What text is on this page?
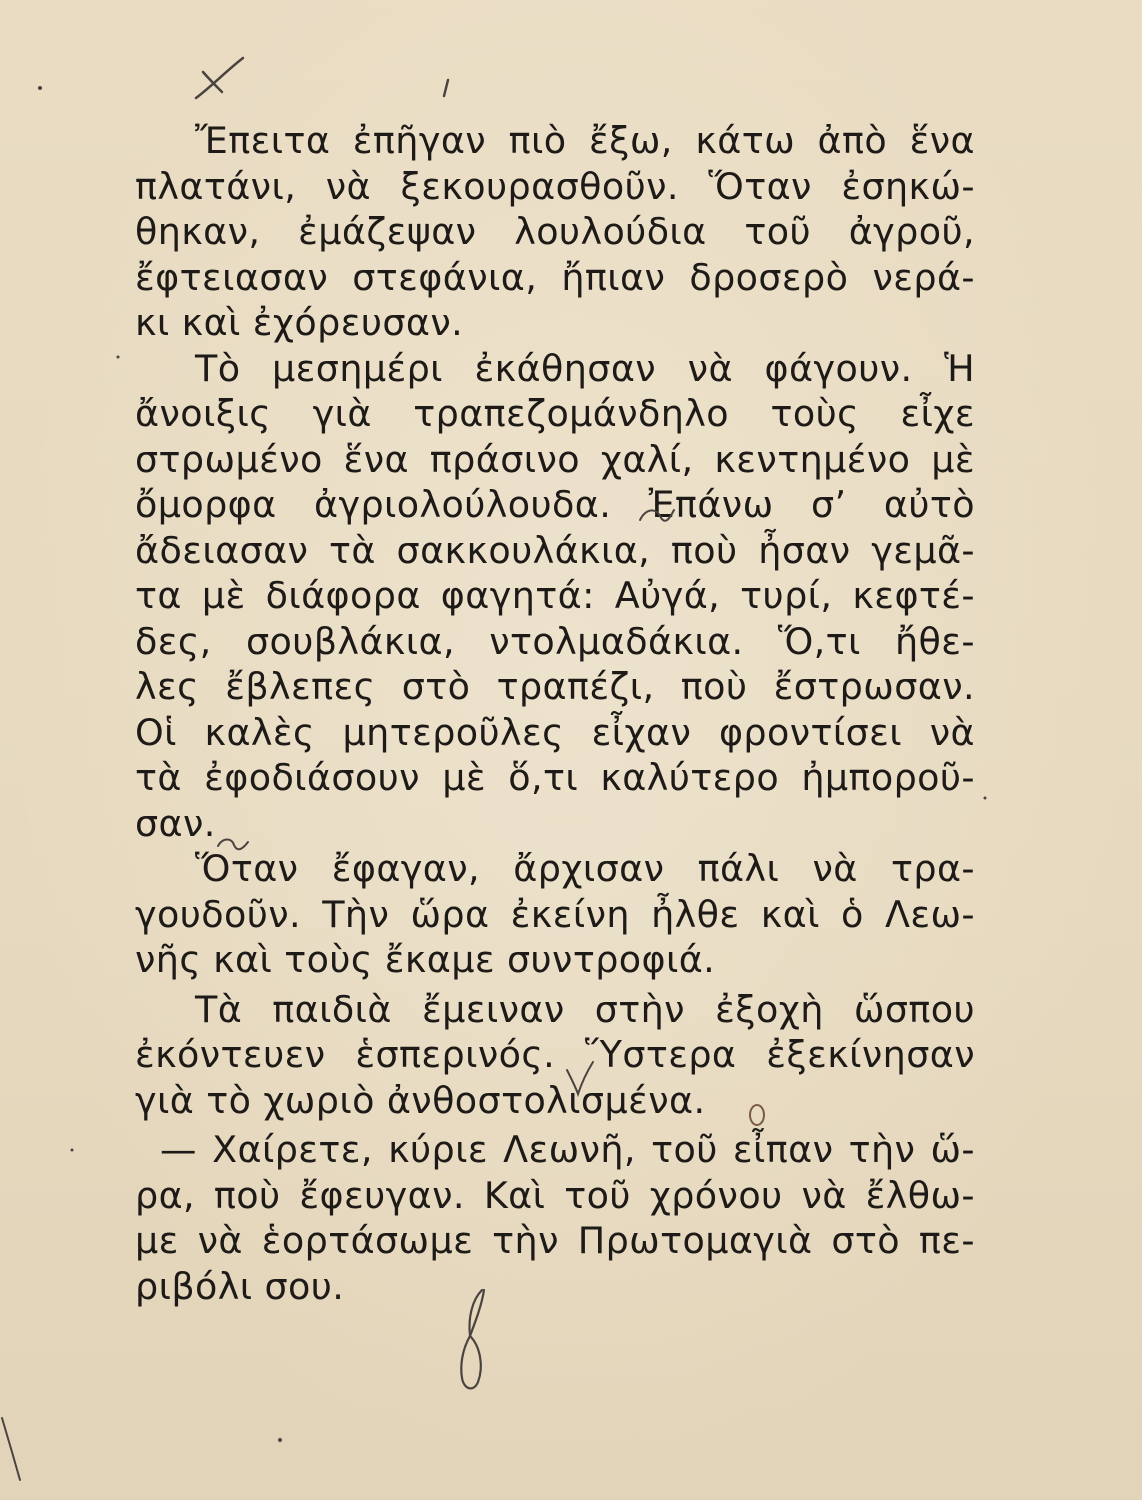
Ἔπειτα ἐπῆγαν πιὸ ἔξω, κάτω ἀπὸ ἕνα
πλατάνι, νὰ ξεκουρασθοῦν. Ὅταν ἐσηκώ-
θηκαν, ἐμάζεψαν λουλούδια τοῦ ἀγροῦ,
ἔφτειασαν στεφάνια, ἤπιαν δροσερὸ νερά-
κι καὶ ἐχόρευσαν.
Τὸ μεσημέρι ἐκάθησαν νὰ φάγουν. Ἡ
ἄνοιξις γιὰ τραπεζομάνδηλο τοὺς εἶχε
στρωμένο ἕνα πράσινο χαλί, κεντημένο μὲ
ὄμορφα ἀγριολούλουδα. Ἐπάνω σ’ αὐτὸ
ἄδειασαν τὰ σακκουλάκια, ποὺ ἦσαν γεμᾶ-
τα μὲ διάφορα φαγητά: Αὐγά, τυρί, κεφτέ-
δες, σουβλάκια, ντολμαδάκια. Ὅ,τι ἤθε-
λες ἔβλεπες στὸ τραπέζι, ποὺ ἔστρωσαν.
Οἱ καλὲς μητεροῦλες εἶχαν φροντίσει νὰ
τὰ ἐφοδιάσουν μὲ ὅ,τι καλύτερο ἠμποροῦ-
σαν.
Ὅταν ἔφαγαν, ἄρχισαν πάλι νὰ τρα-
γουδοῦν. Τὴν ὥρα ἐκείνη ἦλθε καὶ ὁ Λεω-
νῆς καὶ τοὺς ἔκαμε συντροφιά.
Τὰ παιδιὰ ἔμειναν στὴν ἐξοχὴ ὥσπου
ἐκόντευεν ἑσπερινός. Ὕστερα ἐξεκίνησαν
γιὰ τὸ χωριὸ ἀνθοστολισμένα.
— Χαίρετε, κύριε Λεωνῆ, τοῦ εἶπαν τὴν ὥ-
ρα, ποὺ ἔφευγαν. Καὶ τοῦ χρόνου νὰ ἔλθω-
με νὰ ἑορτάσωμε τὴν Πρωτομαγιὰ στὸ πε-
ριβόλι σου.
